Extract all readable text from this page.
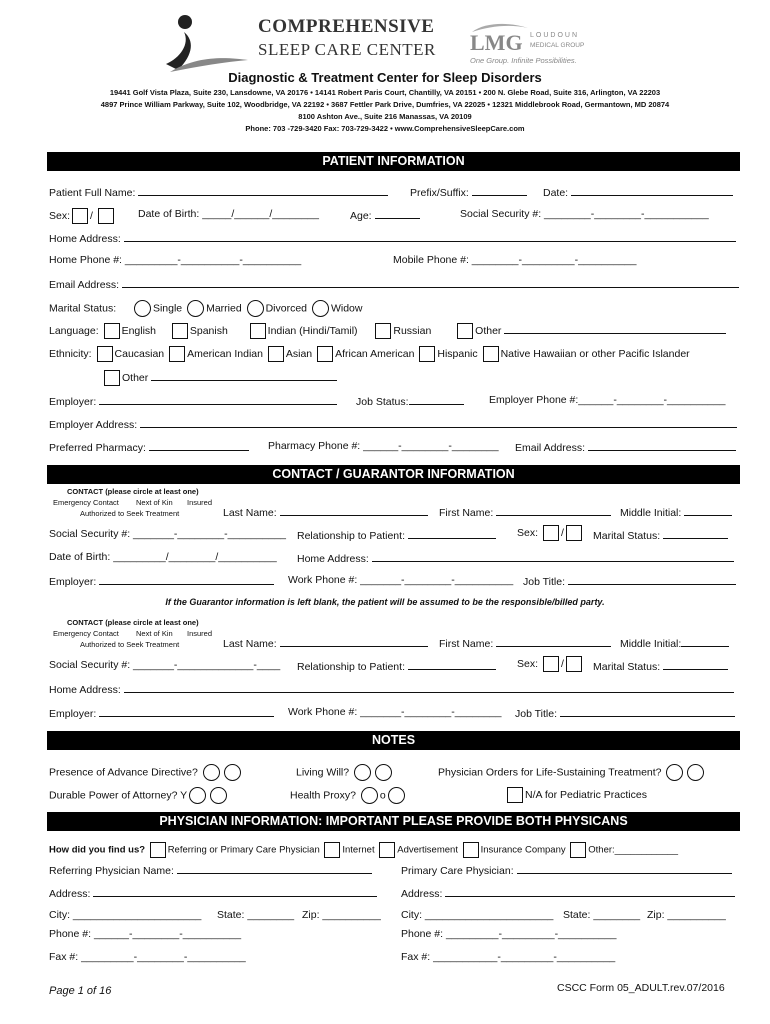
COMPREHENSIVE
SLEEP CARE CENTER LMG LOUDOUN
MEDICAL GROUP
One Group. Infinite Possibilities.
Diagnostic & Treatment Center for Sleep Disorders
19441 Golf Vista Plaza, Suite 230, Lansdowne, VA 20176 • 14141 Robert Paris Court, Chantilly, VA 20151 • 200 N. Glebe Road, Suite 316, Arlington, VA 22203
4897 Prince William Parkway, Suite 102, Woodbridge, VA 22192 • 3687 Fettler Park Drive, Dumfries, VA 22025 • 12321 Middlebrook Road, Germantown, MD 20874
8100 Ashton Ave., Suite 216 Manassas, VA 20109
Phone: 703 -729-3420 Fax: 703-729-3422 • www.ComprehensiveSleepCare.com
PATIENT INFORMATION
Patient Full Name:	Prefix/Suffix:	Date:
Sex: /	Date of Birth: _____/______/________	Age:	Social Security #: ________-________-___________
Home Address:
Home Phone #: _________-__________-__________	Mobile Phone #: ________-_________-__________
Email Address:
Marital Status:	Single Married Divorced Widow
Language: English	Spanish	Indian (Hindi/Tamil)	Russian	Other
Ethnicity: Caucasian American Indian Asian African American Hispanic Native Hawaiian or other Pacific Islander
Other
Employer:	Job Status:	Employer Phone #:______-________-__________
Employer Address:
Preferred Pharmacy:	Pharmacy Phone #: ______-________-________ Email Address:
CONTACT / GUARANTOR INFORMATION
CONTACT (please circle at least one)
Emergency Contact Next of Kin Insured
Authorized to Seek Treatment	Last Name:	First Name:	Middle Initial:
Social Security #: _______-________-__________ Relationship to Patient:	Sex: /	Marital Status:
Date of Birth: _________/________/__________ Home Address:
Employer:	Work Phone #: _______-________-__________ Job Title:
If the Guarantor information is left blank, the patient will be assumed to be the responsible/billed party.
CONTACT (please circle at least one)
Emergency Contact Next of Kin Insured
Authorized to Seek Treatment	Last Name:	First Name:	Middle Initial:
Social Security #: _______-_____________-____ Relationship to Patient:	Sex: /	Marital Status:
Home Address:
Employer:	Work Phone #: _______-________-________ Job Title:
NOTES
Presence of Advance Directive?	Living Will?	Physician Orders for Life-Sustaining Treatment?
Durable Power of Attorney? Y	Health Proxy? o	N/A for Pediatric Practices
PHYSICIAN INFORMATION: IMPORTANT PLEASE PROVIDE BOTH PHYSICANS
How did you find us? Referring or Primary Care Physician Internet Advertisement Insurance Company Other:____________
Referring Physician Name:	Primary Care Physician:
Address:	Address:
City: ______________________ State: ________ Zip: __________ City: ______________________ State: ________ Zip: __________
Phone #: ______-________-__________	Phone #: _________-_________-__________
Fax #: _________-________-__________	Fax #: ___________-_________-__________
Page 1 of 16	CSCC Form 05_ADULT.rev.07/2016
